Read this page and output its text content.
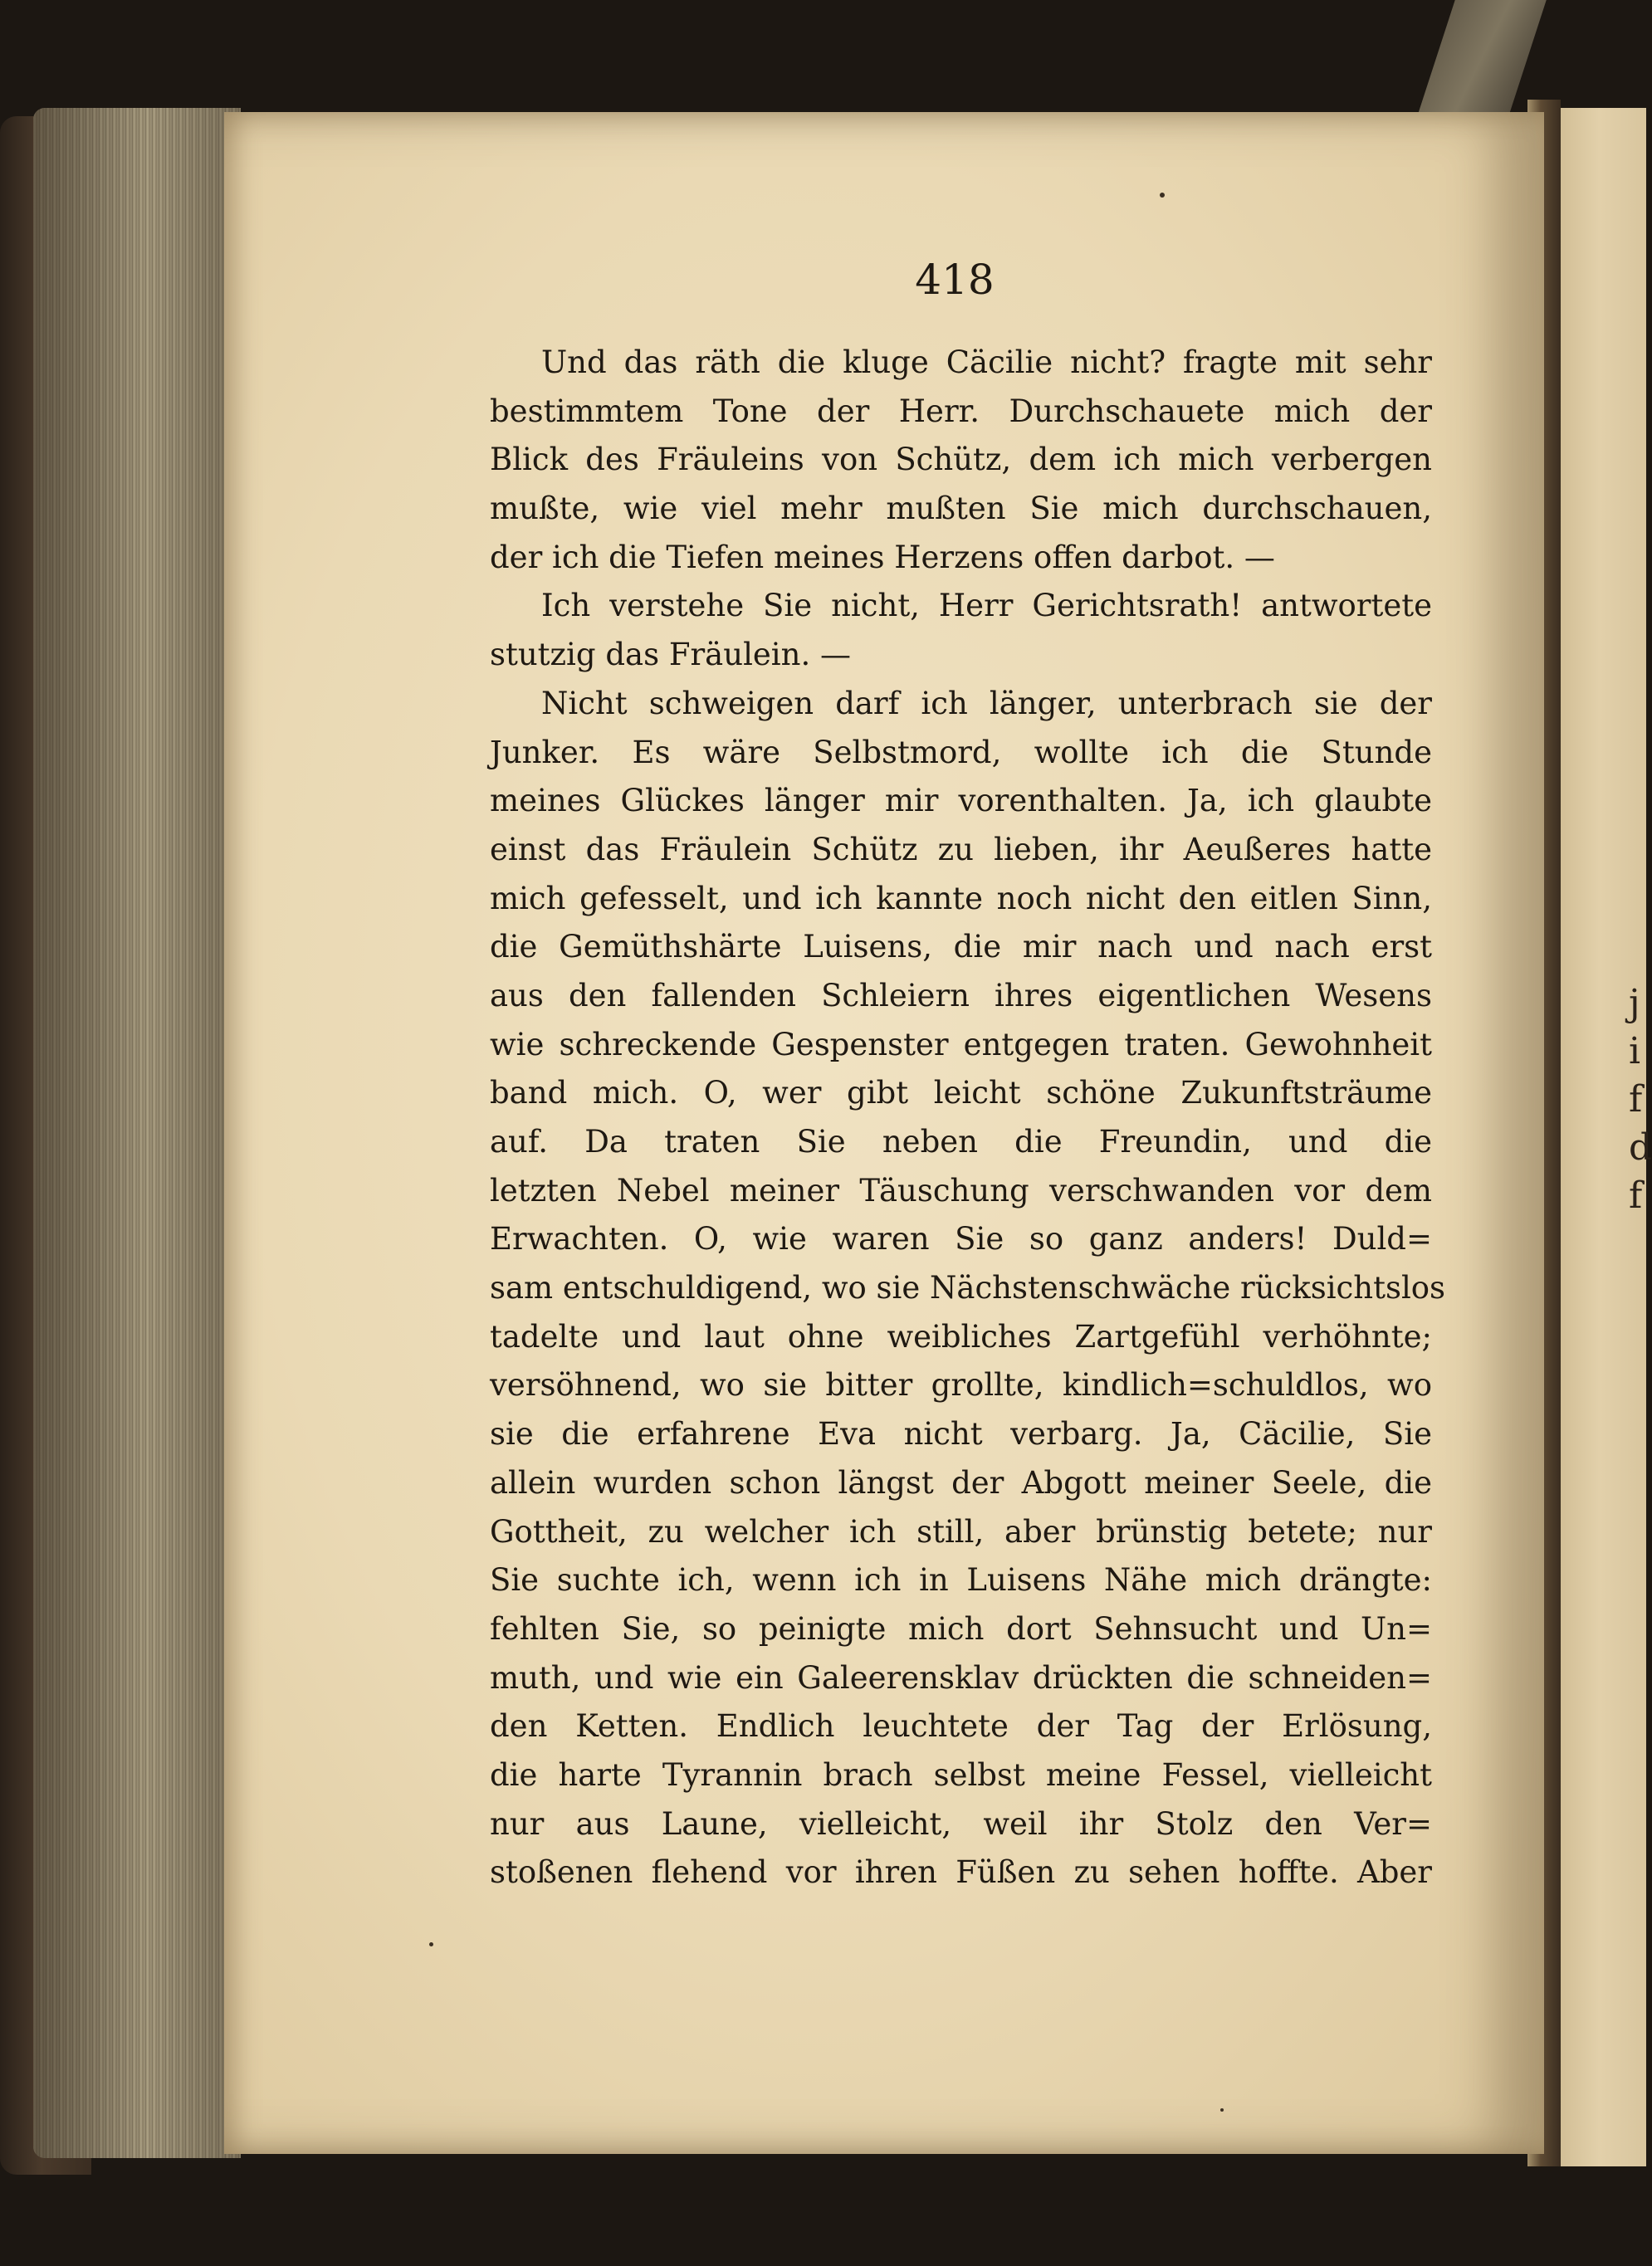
j
i
f
d
f
418
Und das räth die kluge Cäcilie nicht? fragte mit sehr
bestimmtem Tone der Herr. Durchschauete mich der
Blick des Fräuleins von Schütz, dem ich mich verbergen
mußte, wie viel mehr mußten Sie mich durchschauen,
der ich die Tiefen meines Herzens offen darbot. —
Ich verstehe Sie nicht, Herr Gerichtsrath! antwortete
stutzig das Fräulein. —
Nicht schweigen darf ich länger, unterbrach sie der
Junker. Es wäre Selbstmord, wollte ich die Stunde
meines Glückes länger mir vorenthalten. Ja, ich glaubte
einst das Fräulein Schütz zu lieben, ihr Aeußeres hatte
mich gefesselt, und ich kannte noch nicht den eitlen Sinn,
die Gemüthshärte Luisens, die mir nach und nach erst
aus den fallenden Schleiern ihres eigentlichen Wesens
wie schreckende Gespenster entgegen traten. Gewohnheit
band mich. O, wer gibt leicht schöne Zukunftsträume
auf. Da traten Sie neben die Freundin, und die
letzten Nebel meiner Täuschung verschwanden vor dem
Erwachten. O, wie waren Sie so ganz anders! Duld=
sam entschuldigend, wo sie Nächstenschwäche rücksichtslos
tadelte und laut ohne weibliches Zartgefühl verhöhnte;
versöhnend, wo sie bitter grollte, kindlich=schuldlos, wo
sie die erfahrene Eva nicht verbarg. Ja, Cäcilie, Sie
allein wurden schon längst der Abgott meiner Seele, die
Gottheit, zu welcher ich still, aber brünstig betete; nur
Sie suchte ich, wenn ich in Luisens Nähe mich drängte:
fehlten Sie, so peinigte mich dort Sehnsucht und Un=
muth, und wie ein Galeerensklav drückten die schneiden=
den Ketten. Endlich leuchtete der Tag der Erlösung,
die harte Tyrannin brach selbst meine Fessel, vielleicht
nur aus Laune, vielleicht, weil ihr Stolz den Ver=
stoßenen flehend vor ihren Füßen zu sehen hoffte. Aber
